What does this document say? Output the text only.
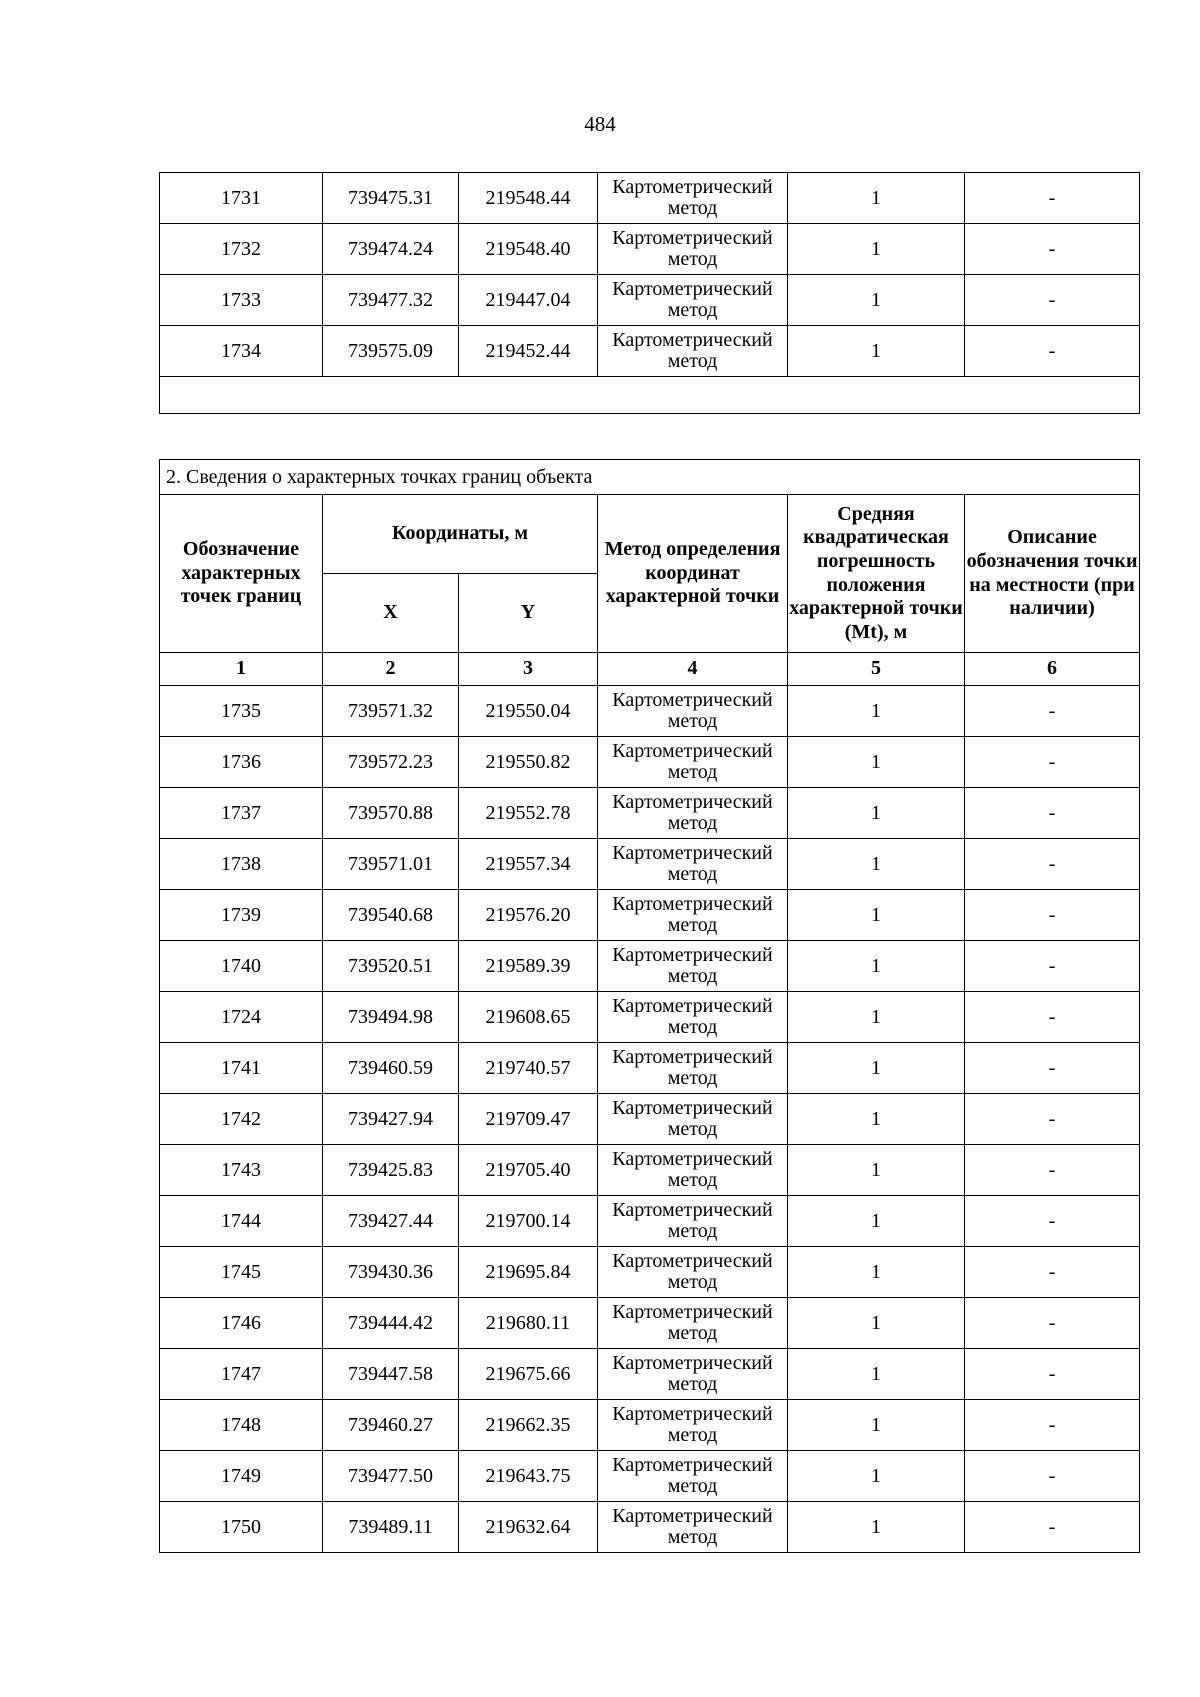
484
1731	739475.31	219548.44	Картометрический метод	1	-
1732	739474.24	219548.40	Картометрический метод	1	-
1733	739477.32	219447.04	Картометрический метод	1	-
1734	739575.09	219452.44	Картометрический метод	1	-

2. Сведения о характерных точках границ объекта					
Обозначение характерных точек границ	Координаты, м		Метод определения координат характерной точки	Средняя квадратическая погрешность положения характерной точки (Mt), м	Описание обозначения точки на местности (при наличии)
	X	Y			
1	2	3	4	5	6
1735	739571.32	219550.04	Картометрический метод	1	-
1736	739572.23	219550.82	Картометрический метод	1	-
1737	739570.88	219552.78	Картометрический метод	1	-
1738	739571.01	219557.34	Картометрический метод	1	-
1739	739540.68	219576.20	Картометрический метод	1	-
1740	739520.51	219589.39	Картометрический метод	1	-
1724	739494.98	219608.65	Картометрический метод	1	-
1741	739460.59	219740.57	Картометрический метод	1	-
1742	739427.94	219709.47	Картометрический метод	1	-
1743	739425.83	219705.40	Картометрический метод	1	-
1744	739427.44	219700.14	Картометрический метод	1	-
1745	739430.36	219695.84	Картометрический метод	1	-
1746	739444.42	219680.11	Картометрический метод	1	-
1747	739447.58	219675.66	Картометрический метод	1	-
1748	739460.27	219662.35	Картометрический метод	1	-
1749	739477.50	219643.75	Картометрический метод	1	-
1750	739489.11	219632.64	Картометрический метод	1	-
